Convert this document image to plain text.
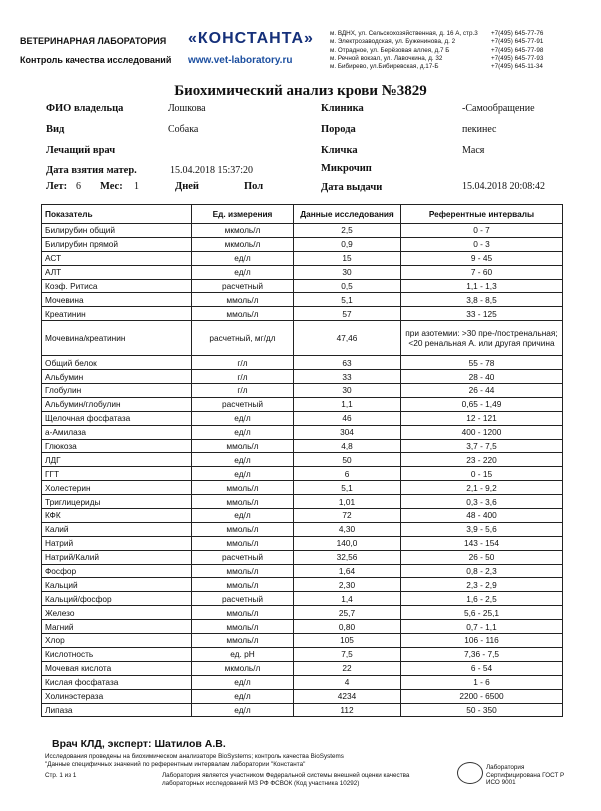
ВЕТЕРИНАРНАЯ ЛАБОРАТОРИЯ «КОНСТАНТА»
Контроль качества исследований www.vet-laboratory.ru
м. ВДНХ, ул. Сельскохозяйственная, д. 16 А, стр.3
м. Электрозаводская, ул. Буженинова, д. 2
м. Отрадное, ул. Берёзовая аллея, д.7 Б
м. Речной вокзал, ул. Лавочкина, д. 32
м. Бибирево, ул.Бибиревская, д.17-Б
+7(495) 645-77-76
+7(495) 645-77-91
+7(495) 645-77-98
+7(495) 645-77-93
+7(495) 645-11-34
Биохимический анализ крови №3829
ФИО владельца	Лошкова	Клиника	-Самообращение
Вид	Собака	Порода	пекинес
Лечащий врач	Кличка	Мася
Дата взятия матер.	15.04.2018 15:37:20	Микрочип
Лет: 6 Мес: 1	Дней	Пол	Дата выдачи	15.04.2018 20:08:42
Показатель	Ед. измерения	Данные исследования	Референтные интервалы
Билирубин общий	мкмоль/л	2,5	0 - 7
Билирубин прямой	мкмоль/л	0,9	0 - 3
АСТ	ед/л	15	9 - 45
АЛТ	ед/л	30	7 - 60
Коэф. Ритиса	расчетный	0,5	1,1 - 1,3
Мочевина	ммоль/л	5,1	3,8 - 8,5
Креатинин	ммоль/л	57	33 - 125
Мочевина/креатинин	расчетный, мг/дл	47,46	при азотемии: >30 пре-/постренальная; <20 ренальная А. или другая причина
Общий белок	г/л	63	55 - 78
Альбумин	г/л	33	28 - 40
Глобулин	г/л	30	26 - 44
Альбумин/глобулин	расчетный	1,1	0,65 - 1,49
Щелочная фосфатаза	ед/л	46	12 - 121
а-Амилаза	ед/л	304	400 - 1200
Глюкоза	ммоль/л	4,8	3,7 - 7,5
ЛДГ	ед/л	50	23 - 220
ГГТ	ед/л	6	0 - 15
Холестерин	ммоль/л	5,1	2,1 - 9,2
Триглицериды	ммоль/л	1,01	0,3 - 3,6
КФК	ед/л	72	48 - 400
Калий	ммоль/л	4,30	3,9 - 5,6
Натрий	ммоль/л	140,0	143 - 154
Натрий/Калий	расчетный	32,56	26 - 50
Фосфор	ммоль/л	1,64	0,8 - 2,3
Кальций	ммоль/л	2,30	2,3 - 2,9
Кальций/фосфор	расчетный	1,4	1,6 - 2,5
Железо	ммоль/л	25,7	5,6 - 25,1
Магний	ммоль/л	0,80	0,7 - 1,1
Хлор	ммоль/л	105	106 - 116
Кислотность	ед. рН	7,5	7,36 - 7,5
Мочевая кислота	мкмоль/л	22	6 - 54
Кислая фосфатаза	ед/л	4	1 - 6
Холинэстераза	ед/л	4234	2200 - 6500
Липаза	ед/л	112	50 - 350
Врач КЛД, эксперт: Шатилов А.В.
Исследования проведены на биохимическом анализаторе BioSystems; контроль качества BioSystems
"Данные специфичных значений по референтным интервалам лаборатории "Константа"
Стр. 1 из 1	Лаборатория является участником Федеральной системы внешней оценки качества лабораторных исследований МЗ РФ ФСВОК (Код участника 10292)
Лаборатория Сертифицирована ГОСТ Р ИСО 9001
